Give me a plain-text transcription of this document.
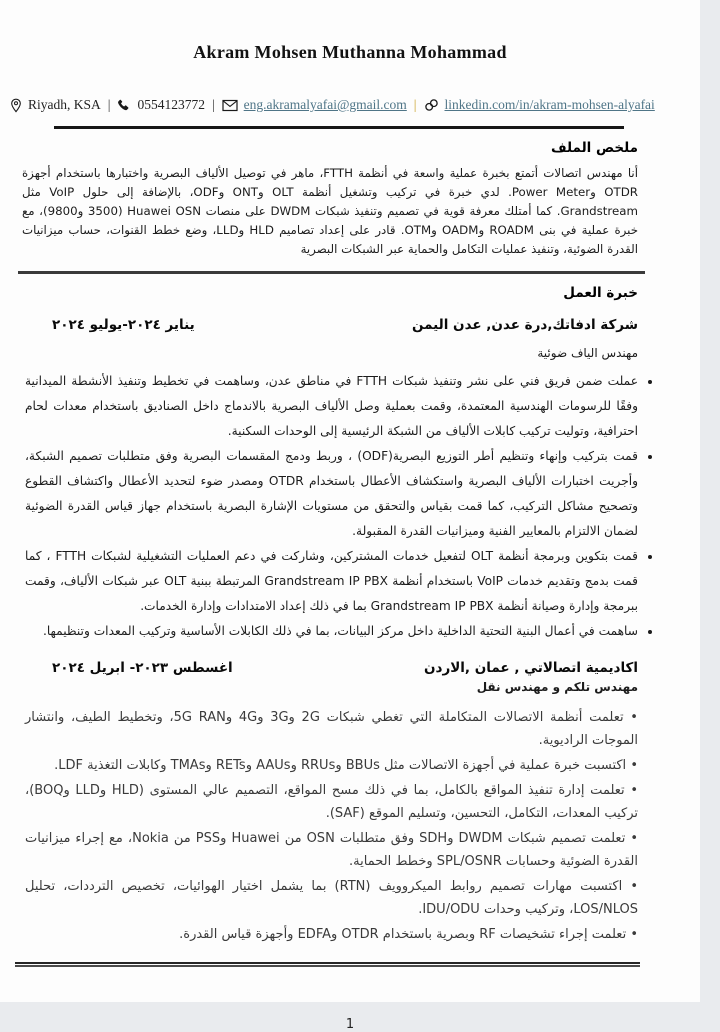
Akram Mohsen Muthanna Mohammad
Riyadh, KSA | 0554123772 | eng.akramalyafai@gmail.com | linkedin.com/in/akram-mohsen-alyafai
ملخص الملف
أنا مهندس اتصالات أتمتع بخبرة عملية واسعة في أنظمة FTTH، ماهر في توصيل الألياف البصرية واختبارها باستخدام أجهزة OTDR وPower Meter. لدي خبرة في تركيب وتشغيل أنظمة OLT وONT وODF، بالإضافة إلى حلول VoIP مثل Grandstream. كما أمتلك معرفة قوية في تصميم وتنفيذ شبكات DWDM على منصات Huawei OSN (3500 و9800)، مع خبرة عملية في بنى ROADM وOADM وOTM. قادر على إعداد تصاميم HLD وLLD، وضع خطط القنوات، حساب ميزانيات القدرة الضوئية، وتنفيذ عمليات التكامل والحماية عبر الشبكات البصرية
خبرة العمل
شركة ادفاتك,درة عدن, عدن اليمن
يناير ٢٠٢٤-يوليو ٢٠٢٤
مهندس الياف ضوئية
• عملت ضمن فريق فني على نشر وتنفيذ شبكات FTTH في مناطق عدن، وساهمت في تخطيط وتنفيذ الأنشطة الميدانية وفقًا للرسومات الهندسية المعتمدة، وقمت بعملية وصل الألياف البصرية بالاندماج داخل الصناديق باستخدام معدات لحام احترافية، وتوليت تركيب كابلات الألياف من الشبكة الرئيسية إلى الوحدات السكنية.
• قمت بتركيب وإنهاء وتنظيم أطر التوزيع البصرية(ODF) ، وربط ودمج المقسمات البصرية وفق متطلبات تصميم الشبكة، وأجريت اختبارات الألياف البصرية واستكشاف الأعطال باستخدام OTDR ومصدر ضوء لتحديد الأعطال واكتشاف القطوع وتصحيح مشاكل التركيب، كما قمت بقياس والتحقق من مستويات الإشارة البصرية باستخدام جهاز قياس القدرة الضوئية لضمان الالتزام بالمعايير الفنية وميزانيات القدرة المقبولة.
• قمت بتكوين وبرمجة أنظمة OLT لتفعيل خدمات المشتركين، وشاركت في دعم العمليات التشغيلية لشبكات FTTH ، كما قمت بدمج وتقديم خدمات VoIP باستخدام أنظمة Grandstream IP PBX المرتبطة ببنية OLT عبر شبكات الألياف، وقمت ببرمجة وإدارة وصيانة أنظمة Grandstream IP PBX بما في ذلك إعداد الامتدادات وإدارة الخدمات.
• ساهمت في أعمال البنية التحتية الداخلية داخل مركز البيانات، بما في ذلك الكابلات الأساسية وتركيب المعدات وتنظيمها.
اكاديمية اتصالاتي , عمان ,الاردن
اغسطس ٢٠٢٣- ابريل ٢٠٢٤
مهندس تلكم و مهندس نقل

• تعلمت أنظمة الاتصالات المتكاملة التي تغطي شبكات 2G و3G و4G و5G RAN، وتخطيط الطيف، وانتشار الموجات الراديوية.

• اكتسبت خبرة عملية في أجهزة الاتصالات مثل BBUs وRRUs وAAUs وRETs وTMAs وكابلات التغذية LDF.

• تعلمت إدارة تنفيذ المواقع بالكامل، بما في ذلك مسح المواقع، التصميم عالي المستوى (HLD وLLD وBOQ)، تركيب المعدات، التكامل، التحسين، وتسليم الموقع (SAF).

• تعلمت تصميم شبكات DWDM وSDH وفق متطلبات OSN من Huawei وPSS من Nokia، مع إجراء ميزانيات القدرة الضوئية وحسابات SPL/OSNR وخطط الحماية.

• اكتسبت مهارات تصميم روابط الميكروويف (RTN) بما يشمل اختيار الهوائيات، تخصيص الترددات، تحليل LOS/NLOS، وتركيب وحدات IDU/ODU.

• تعلمت إجراء تشخيصات RF وبصرية باستخدام OTDR وEDFA وأجهزة قياس القدرة.

1
